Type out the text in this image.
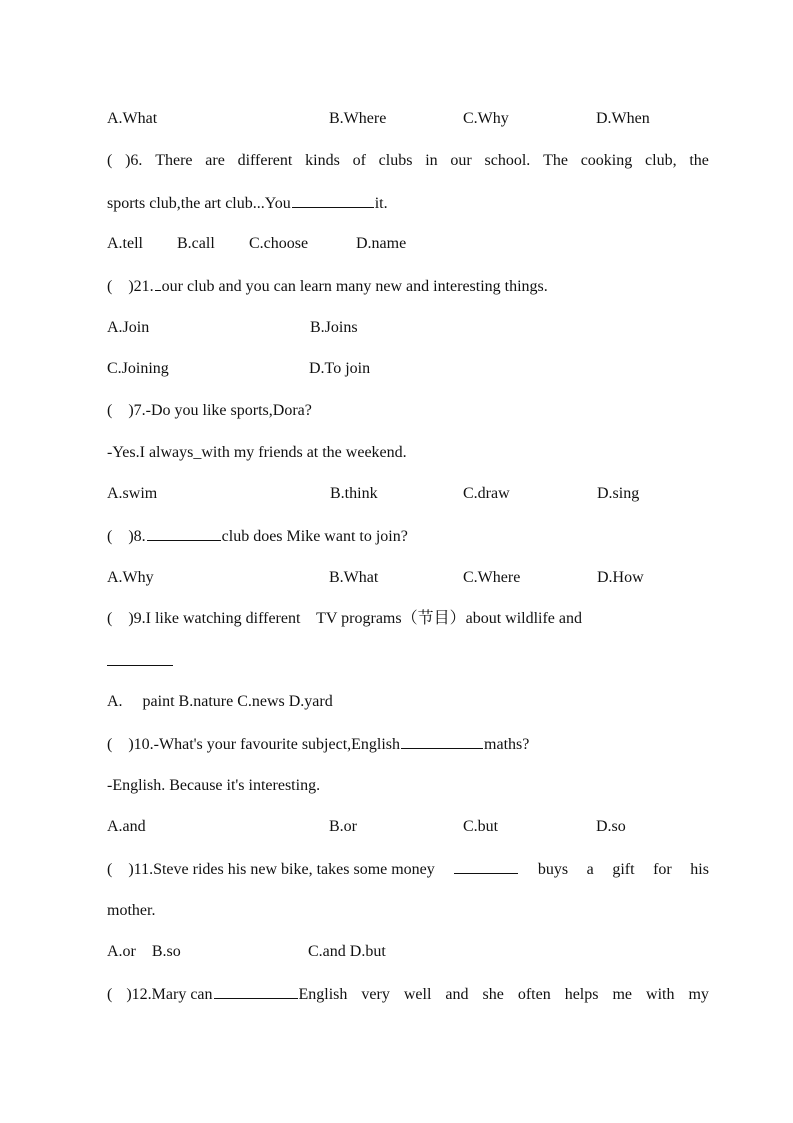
A.What	B.Where	C.Why	D.When
( )6. There are different kinds of clubs in our school. The cooking club, the
sports club,the art club...You	it.
A.tell B.call C.choose	D.name
(    )21. our club and you can learn many new and interesting things.
A.Join	B.Joins
C.Joining	D.To join
(    )7.-Do you like sports,Dora?
-Yes.I always_with my friends at the weekend.
A.swim	B.think	C.draw	D.sing
(    )8.	club does Mike want to join?
A.Why	B.What	C.Where	D.How
(    )9.I like watching different    TV programs（节目）about wildlife and
A.     paint B.nature C.news D.yard
(    )10.-What's your favourite subject,English	maths?
-English. Because it's interesting.
A.and	B.or	C.but	D.so
(    )11.Steve rides his new bike, takes some money	buys a gift for his
mother.
A.or    B.so	C.and D.but
( )12.Mary can	English very well and she often helps me with my
